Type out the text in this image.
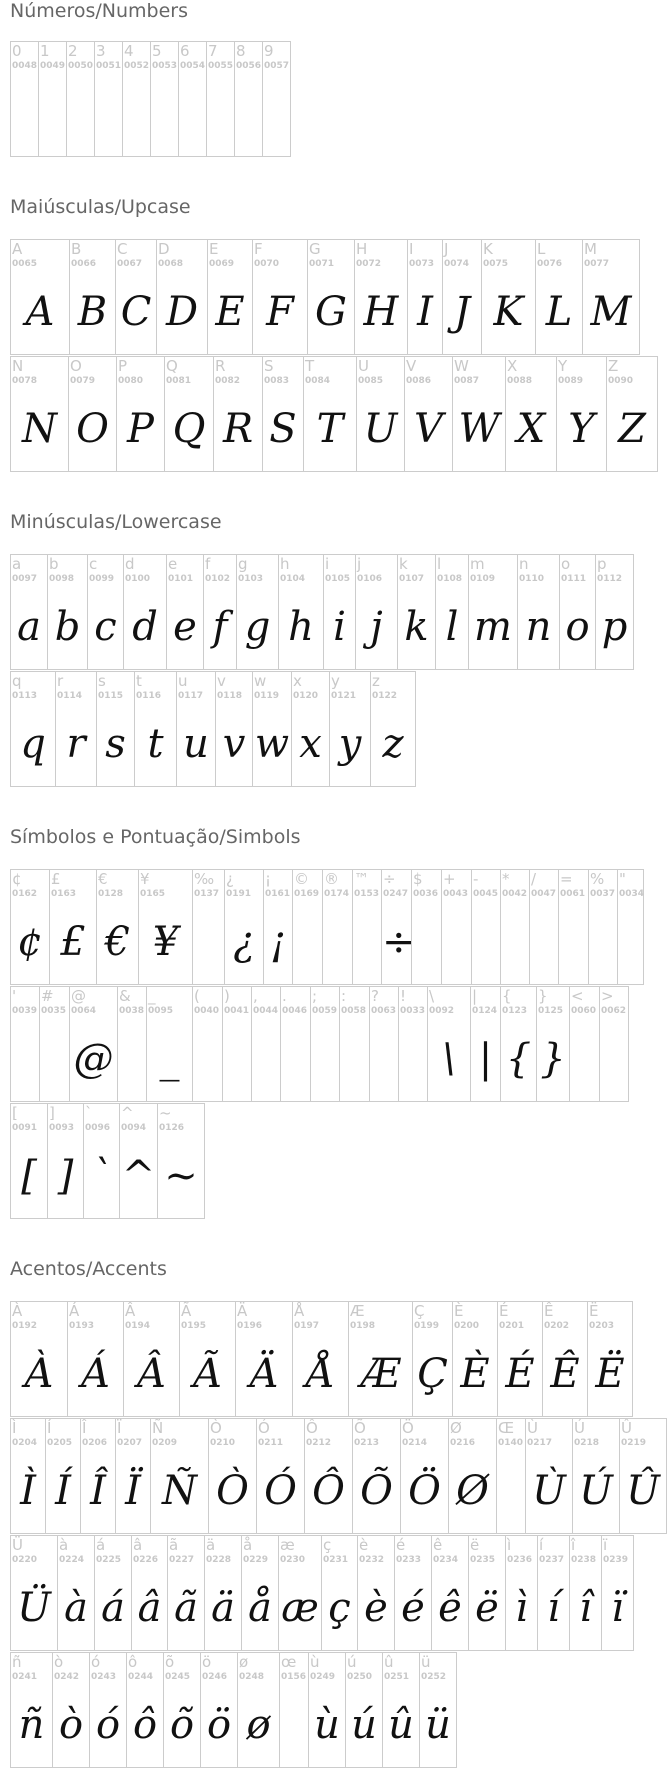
Números/Numbers
0
0048
1
0049
2
0050
3
0051
4
0052
5
0053
6
0054
7
0055
8
0056
9
0057
Maiúsculas/Upcase
A
0065
A
B
0066
B
C
0067
C
D
0068
D
E
0069
E
F
0070
F
G
0071
G
H
0072
H
I
0073
I
J
0074
J
K
0075
K
L
0076
L
M
0077
M
N
0078
N
O
0079
O
P
0080
P
Q
0081
Q
R
0082
R
S
0083
S
T
0084
T
U
0085
U
V
0086
V
W
0087
W
X
0088
X
Y
0089
Y
Z
0090
Z
Minúsculas/Lowercase
a
0097
a
b
0098
b
c
0099
c
d
0100
d
e
0101
e
f
0102
f
g
0103
g
h
0104
h
i
0105
i
j
0106
j
k
0107
k
l
0108
l
m
0109
m
n
0110
n
o
0111
o
p
0112
p
q
0113
q
r
0114
r
s
0115
s
t
0116
t
u
0117
u
v
0118
v
w
0119
w
x
0120
x
y
0121
y
z
0122
z
Símbolos e Pontuação/Simbols
¢
0162
¢
£
0163
£
€
0128
€
¥
0165
¥
‰
0137
¿
0191
¿
¡
0161
¡
©
0169
®
0174
™
0153
÷
0247
÷
$
0036
+
0043
-
0045
*
0042
/
0047
=
0061
%
0037
"
0034
'
0039
#
0035
@
0064
@
&
0038
_
0095
_
(
0040
)
0041
,
0044
.
0046
;
0059
:
0058
?
0063
!
0033
\
0092
\
|
0124
|
{
0123
{
}
0125
}
<
0060
>
0062
[
0091
[
]
0093
]
`
0096
`
^
0094
^
~
0126
~
Acentos/Accents
À
0192
À
Á
0193
Á
Â
0194
Â
Ã
0195
Ã
Ä
0196
Ä
Å
0197
Å
Æ
0198
Æ
Ç
0199
Ç
È
0200
È
É
0201
É
Ê
0202
Ê
Ë
0203
Ë
Ì
0204
Ì
Í
0205
Í
Î
0206
Î
Ï
0207
Ï
Ñ
0209
Ñ
Ò
0210
Ò
Ó
0211
Ó
Ô
0212
Ô
Õ
0213
Õ
Ö
0214
Ö
Ø
0216
Ø
Œ
0140
Ù
0217
Ù
Ú
0218
Ú
Û
0219
Û
Ü
0220
Ü
à
0224
à
á
0225
á
â
0226
â
ã
0227
ã
ä
0228
ä
å
0229
å
æ
0230
æ
ç
0231
ç
è
0232
è
é
0233
é
ê
0234
ê
ë
0235
ë
ì
0236
ì
í
0237
í
î
0238
î
ï
0239
ï
ñ
0241
ñ
ò
0242
ò
ó
0243
ó
ô
0244
ô
õ
0245
õ
ö
0246
ö
ø
0248
ø
œ
0156
ù
0249
ù
ú
0250
ú
û
0251
û
ü
0252
ü
